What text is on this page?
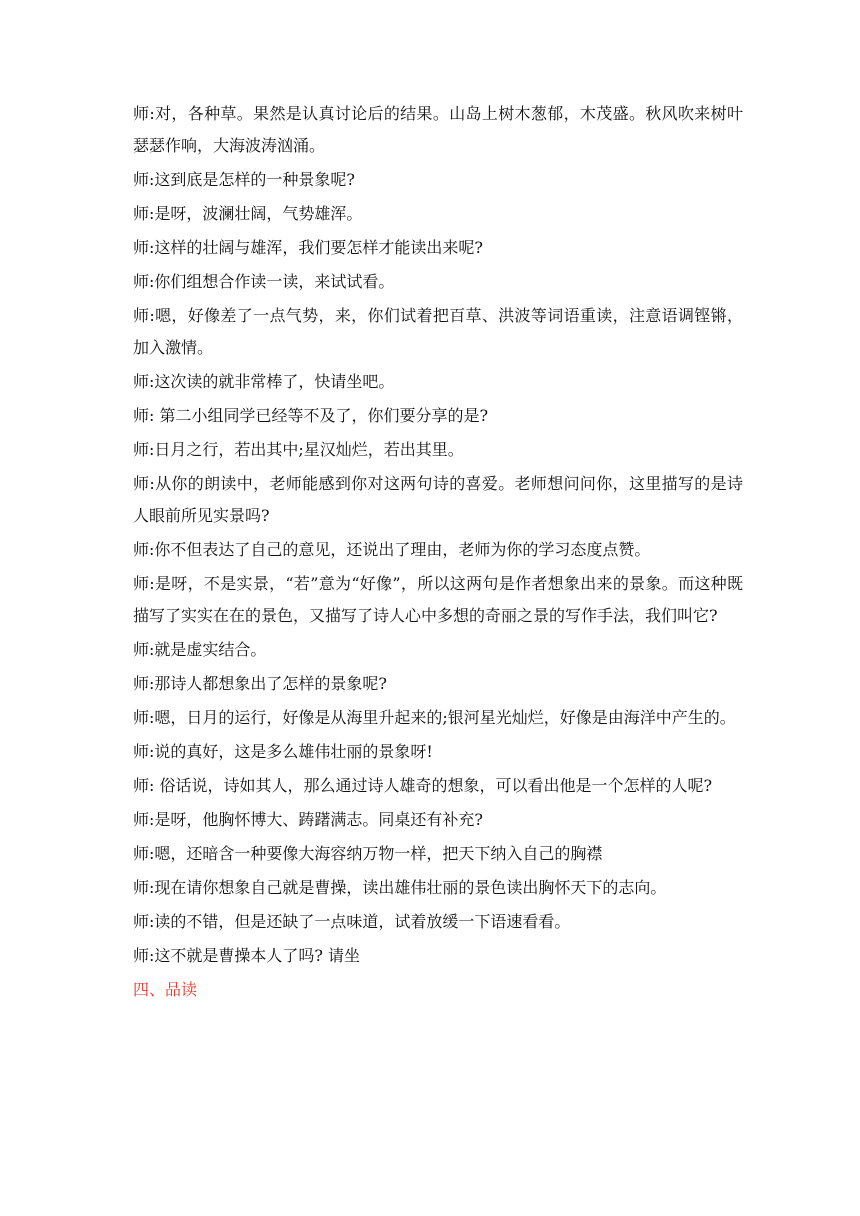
师:对，各种草。果然是认真讨论后的结果。山岛上树木葱郁，木茂盛。秋风吹来树叶瑟瑟作响，大海波涛汹涌。

师:这到底是怎样的一种景象呢?

师:是呀，波澜壮阔，气势雄浑。

师:这样的壮阔与雄浑，我们要怎样才能读出来呢?

师:你们组想合作读一读，来试试看。

师:嗯，好像差了一点气势，来，你们试着把百草、洪波等词语重读，注意语调铿锵，加入激情。

师:这次读的就非常棒了，快请坐吧。

师: 第二小组同学已经等不及了，你们要分享的是?

师:日月之行，若出其中;星汉灿烂，若出其里。

师:从你的朗读中，老师能感到你对这两句诗的喜爱。老师想问问你，这里描写的是诗人眼前所见实景吗?

师:你不但表达了自己的意见，还说出了理由，老师为你的学习态度点赞。

师:是呀，不是实景，“若”意为“好像”，所以这两句是作者想象出来的景象。而这种既描写了实实在在的景色，又描写了诗人心中多想的奇丽之景的写作手法，我们叫它?

师:就是虚实结合。

师:那诗人都想象出了怎样的景象呢?

师:嗯，日月的运行，好像是从海里升起来的;银河星光灿烂，好像是由海洋中产生的。

师:说的真好，这是多么雄伟壮丽的景象呀!

师: 俗话说，诗如其人，那么通过诗人雄奇的想象，可以看出他是一个怎样的人呢?

师:是呀，他胸怀博大、踌躇满志。同桌还有补充?

师:嗯，还暗含一种要像大海容纳万物一样，把天下纳入自己的胸襟

师:现在请你想象自己就是曹操，读出雄伟壮丽的景色读出胸怀天下的志向。

师:读的不错，但是还缺了一点味道，试着放缓一下语速看看。

师:这不就是曹操本人了吗? 请坐

四、品读
